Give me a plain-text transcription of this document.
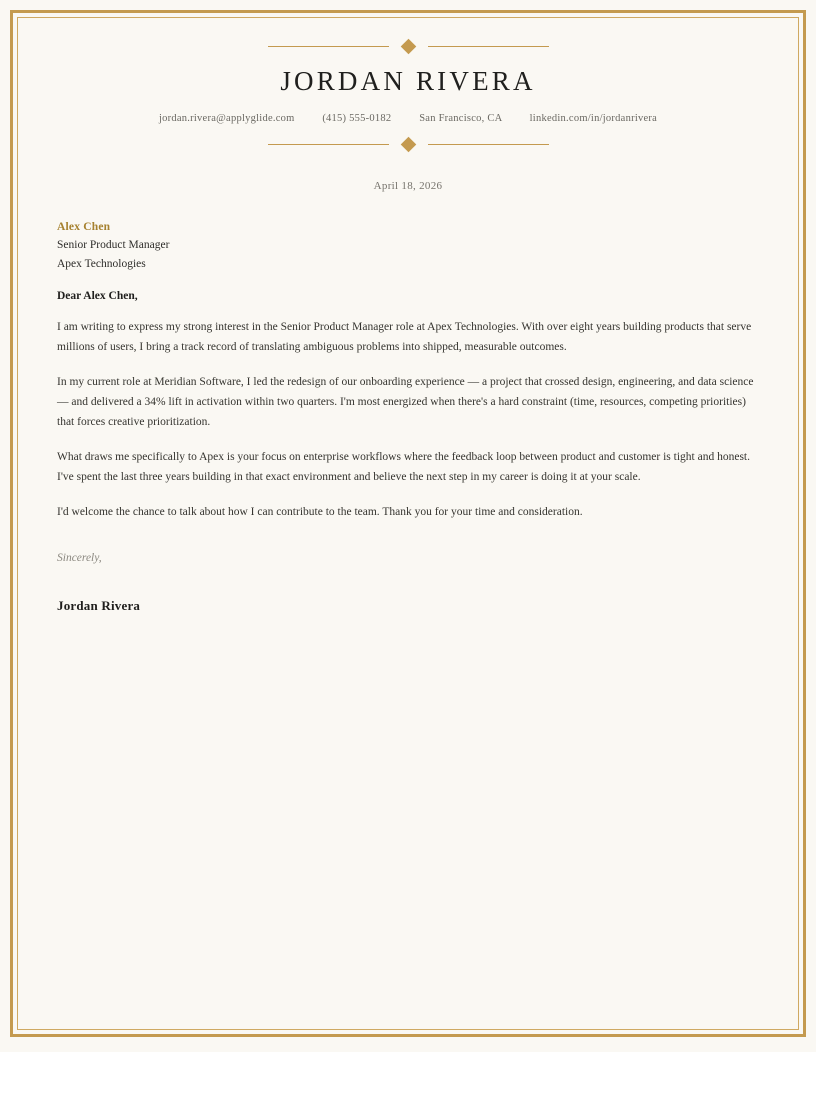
JORDAN RIVERA
jordan.rivera@applyglide.com	(415) 555-0182	San Francisco, CA	linkedin.com/in/jordanrivera
April 18, 2026
Alex Chen
Senior Product Manager
Apex Technologies
Dear Alex Chen,

I am writing to express my strong interest in the Senior Product Manager role at Apex Technologies. With over eight years building products that serve millions of users, I bring a track record of translating ambiguous problems into shipped, measurable outcomes.

In my current role at Meridian Software, I led the redesign of our onboarding experience — a project that crossed design, engineering, and data science — and delivered a 34% lift in activation within two quarters. I'm most energized when there's a hard constraint (time, resources, competing priorities) that forces creative prioritization.

What draws me specifically to Apex is your focus on enterprise workflows where the feedback loop between product and customer is tight and honest. I've spent the last three years building in that exact environment and believe the next step in my career is doing it at your scale.

I'd welcome the chance to talk about how I can contribute to the team. Thank you for your time and consideration.

Sincerely,
Jordan Rivera
